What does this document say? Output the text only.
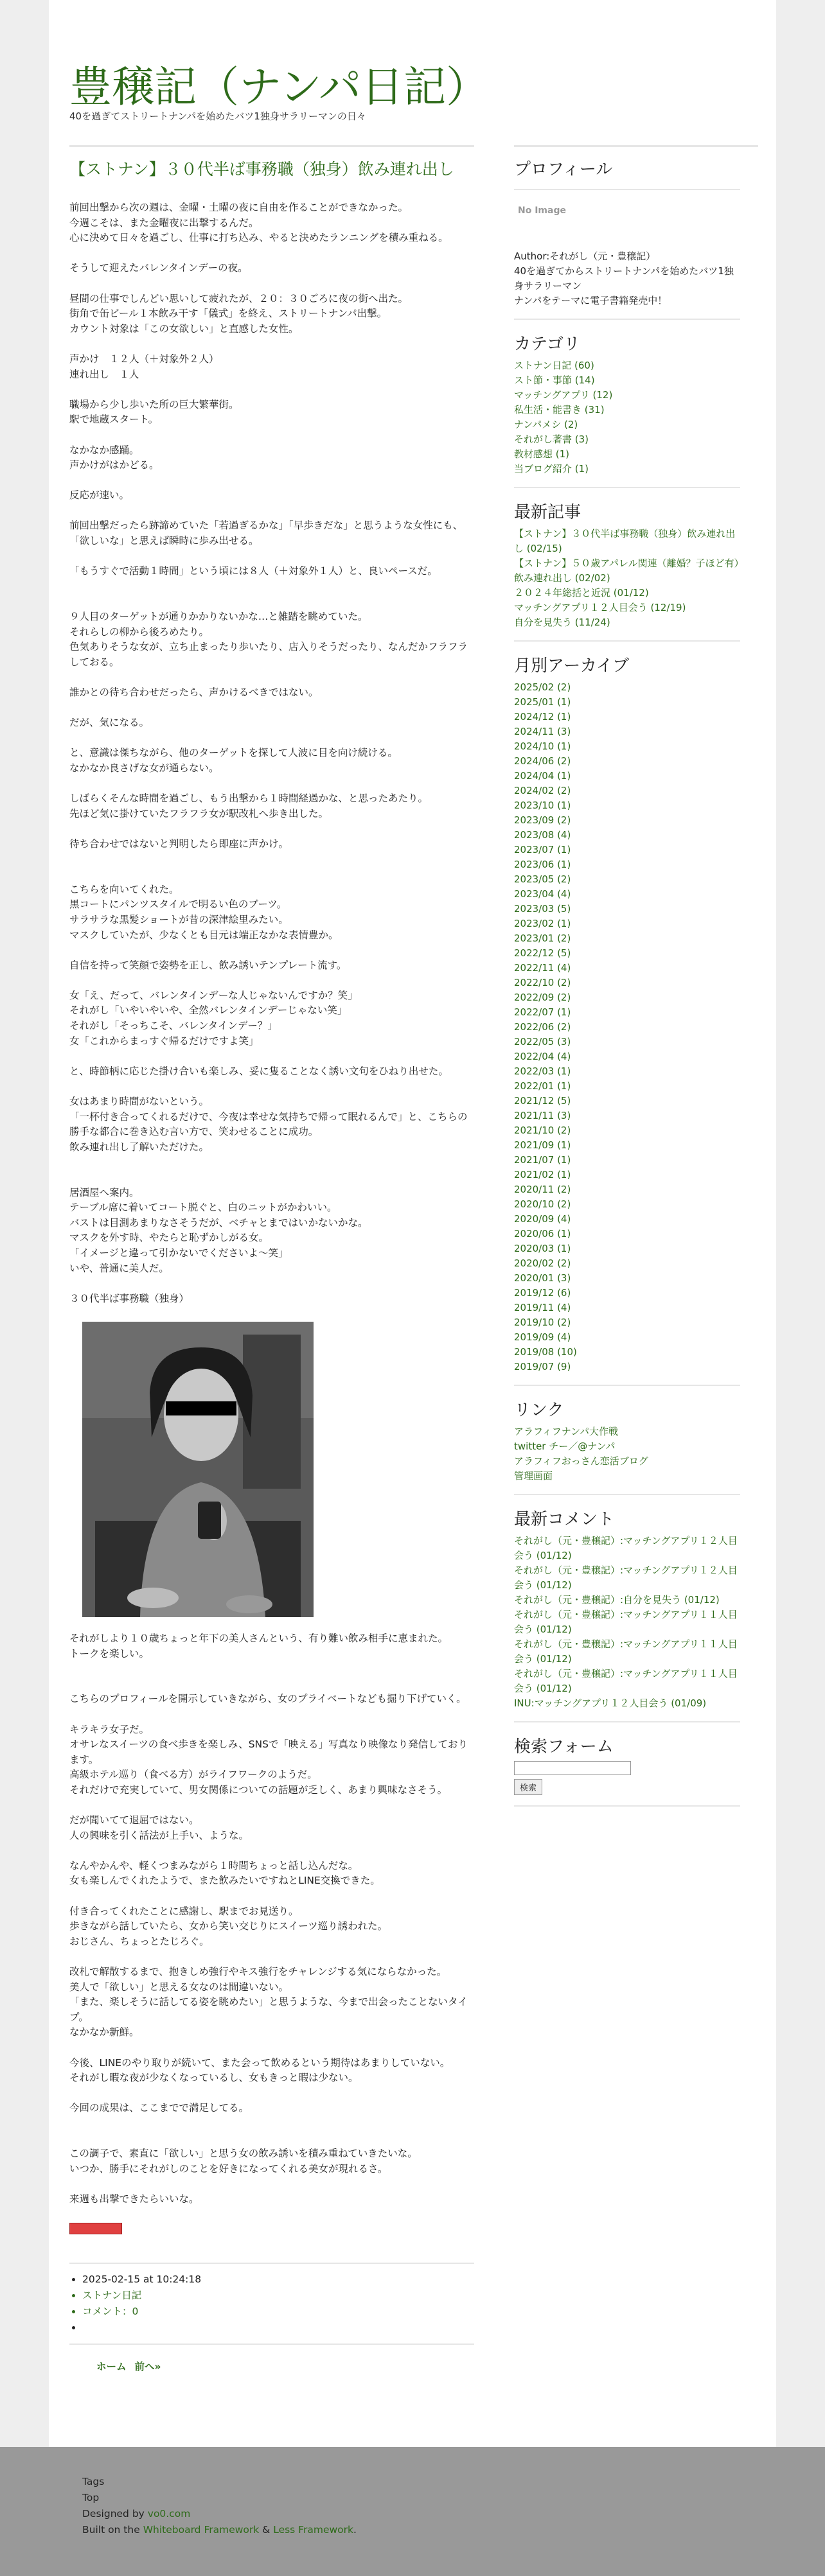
豊穣記（ナンパ日記）
40を過ぎてストリートナンパを始めたバツ1独身サラリーマンの日々
【ストナン】３０代半ば事務職（独身）飲み連れ出し

前回出撃から次の週は、金曜・土曜の夜に自由を作ることができなかった。
今週こそは、また金曜夜に出撃するんだ。
心に決めて日々を過ごし、仕事に打ち込み、やると決めたランニングを積み重ねる。

そうして迎えたバレンタインデーの夜。

昼間の仕事でしんどい思いして疲れたが、２０：３０ごろに夜の街へ出た。
街角で缶ビール１本飲み干す「儀式」を終え、ストリートナンパ出撃。
カウント対象は「この女欲しい」と直感した女性。

声かけ　１２人（＋対象外２人）
連れ出し　１人

職場から少し歩いた所の巨大繁華街。
駅で地蔵スタート。

なかなか感踊。
声かけがはかどる。

反応が速い。

前回出撃だったら跡諦めていた「若過ぎるかな」「早歩きだな」と思うような女性にも、「欲しいな」と思えば瞬時に歩み出せる。

「もうすぐで活動１時間」という頃には８人（＋対象外１人）と、良いペースだ。

９人目のターゲットが通りかかりないかな…と雑踏を眺めていた。
それらしの柳から後ろめたり。
色気ありそうな女が、立ち止まったり歩いたり、店入りそうだったり、なんだかフラフラしておる。

誰かとの待ち合わせだったら、声かけるべきではない。

だが、気になる。

と、意識は傑ちながら、他のターゲットを探して人波に目を向け続ける。
なかなか良さげな女が通らない。

しばらくそんな時間を過ごし、もう出撃から１時間経過かな、と思ったあたり。
先ほど気に掛けていたフラフラ女が駅改札へ歩き出した。

待ち合わせではないと判明したら即座に声かけ。

こちらを向いてくれた。
黒コートにパンツスタイルで明るい色のブーツ。
サラサラな黒髪ショートが昔の深津絵里みたい。
マスクしていたが、少なくとも目元は端正なかな表情豊か。

自信を持って笑顔で姿勢を正し、飲み誘いテンプレート流す。

女「え、だって、バレンタインデーな人じゃないんですか？笑」
それがし「いやいやいや、全然バレンタインデーじゃない笑」
それがし「そっちこそ、バレンタインデー？」
女「これからまっすぐ帰るだけですよ笑」

と、時節柄に応じた掛け合いも楽しみ、妥に隻ることなく誘い文句をひねり出せた。

女はあまり時間がないという。
「一杯付き合ってくれるだけで、今夜は幸せな気持ちで帰って眠れるんで」と、こちらの勝手な都合に巻き込む言い方で、笑わせることに成功。
飲み連れ出し了解いただけた。

居酒屋へ案内。
テーブル席に着いてコート脱ぐと、白のニットがかわいい。
バストは目測あまりなさそうだが、ベチャとまではいかないかな。
マスクを外す時、やたらと恥ずかしがる女。
「イメージと違って引かないでくださいよ〜笑」
いや、普通に美人だ。

３０代半ば事務職（独身）

それがしより１０歳ちょっと年下の美人さんという、有り難い飲み相手に恵まれた。
トークを楽しい。

こちらのプロフィールを開示していきながら、女のプライベートなども掘り下げていく。

キラキラ女子だ。
オサレなスイーツの食べ歩きを楽しみ、SNSで「映える」写真なり映像なり発信しております。
高級ホテル巡り（食べる方）がライフワークのようだ。
それだけで充実していて、男女関係についての話題が乏しく、あまり興味なさそう。

だが聞いてて退屈ではない。
人の興味を引く話法が上手い、ような。

なんやかんや、軽くつまみながら１時間ちょっと話し込んだな。
女も楽しんでくれたようで、また飲みたいですねとLINE交換できた。

付き合ってくれたことに感謝し、駅までお見送り。
歩きながら話していたら、女から笑い交じりにスイーツ巡り誘われた。
おじさん、ちょっとたじろぐ。

改札で解散するまで、抱きしめ強行やキス強行をチャレンジする気にならなかった。
美人で「欲しい」と思える女なのは間違いない。
「また、楽しそうに話してる姿を眺めたい」と思うような、今まで出会ったことないタイプ。
なかなか新鮮。

今後、LINEのやり取りが続いて、また会って飲めるという期待はあまりしていない。
それがし暇な夜が少なくなっているし、女もきっと暇は少ない。

今回の成果は、ここまでで満足してる。

この調子で、素直に「欲しい」と思う女の飲み誘いを積み重ねていきたいな。
いつか、勝手にそれがしのことを好きになってくれる美女が現れるさ。

来週も出撃できたらいいな。

• 2025-02-15 at 10:24:18
• ストナン日記
• コメント：0
•
ホーム 前へ»
プロフィール
No Image
Author:それがし（元・豊穣記）
40を過ぎてからストリートナンパを始めたバツ1独身サラリーマン
ナンパをテーマに電子書籍発売中！
カテゴリ
ストナン日記 (60)
スト節・事節 (14)
マッチングアプリ (12)
私生活・能書き (31)
ナンパメシ (2)
それがし著書 (3)
教材感想 (1)
当ブログ紹介 (1)
最新記事
【ストナン】３０代半ば事務職（独身）飲み連れ出し (02/15)
【ストナン】５０歳アパレル関連（離婚？子ほど有）飲み連れ出し (02/02)
２０２４年総括と近況 (01/12)
マッチングアプリ１２人目会う (12/19)
自分を見失う (11/24)
月別アーカイブ
2025/02 (2)
2025/01 (1)
2024/12 (1)
2024/11 (3)
2024/10 (1)
2024/06 (2)
2024/04 (1)
2024/02 (2)
2023/10 (1)
2023/09 (2)
2023/08 (4)
2023/07 (1)
2023/06 (1)
2023/05 (2)
2023/04 (4)
2023/03 (5)
2023/02 (1)
2023/01 (2)
2022/12 (5)
2022/11 (4)
2022/10 (2)
2022/09 (2)
2022/07 (1)
2022/06 (2)
2022/05 (3)
2022/04 (4)
2022/03 (1)
2022/01 (1)
2021/12 (5)
2021/11 (3)
2021/10 (2)
2021/09 (1)
2021/07 (1)
2021/02 (1)
2020/11 (2)
2020/10 (2)
2020/09 (4)
2020/06 (1)
2020/03 (1)
2020/02 (2)
2020/01 (3)
2019/12 (6)
2019/11 (4)
2019/10 (2)
2019/09 (4)
2019/08 (10)
2019/07 (9)
リンク
アラフィフナンパ大作戦
twitter チー／@ナンパ
アラフィフおっさん恋活ブログ
管理画面
最新コメント
それがし（元・豊穣記）:マッチングアプリ１２人目会う (01/12)
それがし（元・豊穣記）:マッチングアプリ１２人目会う (01/12)
それがし（元・豊穣記）:自分を見失う (01/12)
それがし（元・豊穣記）:マッチングアプリ１１人目会う (01/12)
それがし（元・豊穣記）:マッチングアプリ１１人目会う (01/12)
それがし（元・豊穣記）:マッチングアプリ１１人目会う (01/12)
INU:マッチングアプリ１２人目会う (01/09)
検索フォーム
検索
Tags
Top
Designed by vo0.com
Built on the Whiteboard Framework & Less Framework.
